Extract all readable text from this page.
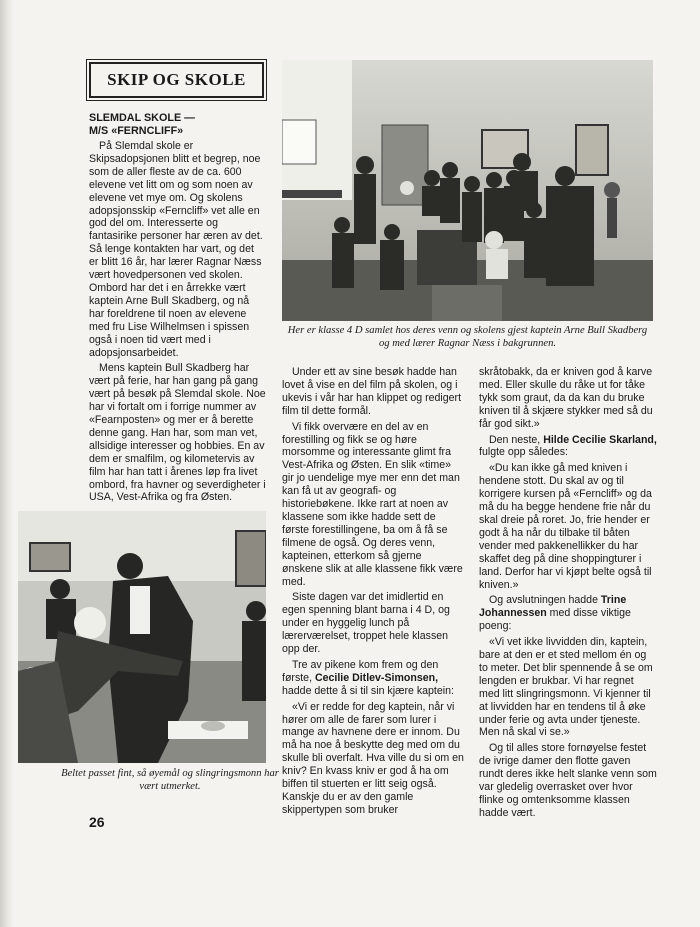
SKIP OG SKOLE
SLEMDAL SKOLE —
M/S «FERNCLIFF»

På Slemdal skole er Skipsadopsjonen blitt et begrep, noe som de aller fleste av de ca. 600 elevene vet litt om og som noen av elevene vet mye om. Og skolens adopsjonsskip «Ferncliff» vet alle en god del om. Interesserte og fantasirike personer har æren av det. Så lenge kontakten har vart, og det er blitt 16 år, har lærer Ragnar Næss vært hovedpersonen ved skolen. Ombord har det i en årrekke vært kaptein Arne Bull Skadberg, og nå har foreldrene til noen av elevene med fru Lise Wilhelmsen i spissen også i noen tid vært med i adopsjonsarbeidet.

Mens kaptein Bull Skadberg har vært på ferie, har han gang på gang vært på besøk på Slemdal skole. Noe har vi fortalt om i forrige nummer av «Fearnposten» og mer er å berette denne gang. Han har, som man vet, allsidige interesser og hobbies. En av dem er smalfilm, og kilometervis av film har han tatt i årenes løp fra livet ombord, fra havner og severdigheter i USA, Vest-Afrika og fra Østen.

Her er klasse 4 D samlet hos deres venn og skolens gjest kaptein Arne Bull Skadberg og med lærer Ragnar Næss i bakgrunnen.

Under ett av sine besøk hadde han lovet å vise en del film på skolen, og i ukevis i vår har han klippet og redigert film til dette formål.

Vi fikk overvære en del av en forestilling og fikk se og høre morsomme og interessante glimt fra Vest-Afrika og Østen. En slik «time» gir jo uendelige mye mer enn det man kan få ut av geografi- og historiebøkene. Ikke rart at noen av klassene som ikke hadde sett de første forestillingene, ba om å få se filmene de også. Og deres venn, kapteinen, etterkom så gjerne ønskene slik at alle klassene fikk være med.

Siste dagen var det imidlertid en egen spenning blant barna i 4 D, og under en hyggelig lunch på lærerværelset, troppet hele klassen opp der.

Tre av pikene kom frem og den første, Cecilie Ditlev-Simonsen, hadde dette å si til sin kjære kaptein:

«Vi er redde for deg kaptein, når vi hører om alle de farer som lurer i mange av havnene dere er innom. Du må ha noe å beskytte deg med om du skulle bli overfalt. Hva ville du si om en kniv? En kvass kniv er god å ha om biffen til stuerten er litt seig også. Kanskje du er av den gamle skippertypen som bruker

skråtobakk, da er kniven god å karve med. Eller skulle du råke ut for tåke tykk som graut, da da kan du bruke kniven til å skjære stykker med så du får god sikt.»

Den neste, Hilde Cecilie Skarland, fulgte opp således:

«Du kan ikke gå med kniven i hendene stott. Du skal av og til korrigere kursen på «Ferncliff» og da må du ha begge hendene frie når du skal dreie på roret. Jo, frie hender er godt å ha når du tilbake til båten vender med pakkenellikker du har skaffet deg på dine shoppingturer i land. Derfor har vi kjøpt belte også til kniven.»

Og avslutningen hadde Trine Johannessen med disse viktige poeng:

«Vi vet ikke livvidden din, kaptein, bare at den er et sted mellom én og to meter. Det blir spennende å se om lengden er brukbar. Vi har regnet med litt slingringsmonn. Vi kjenner til at livvidden har en tendens til å øke under ferie og avta under tjeneste. Men nå skal vi se.»

Og til alles store fornøyelse festet de ivrige damer den flotte gaven rundt deres ikke helt slanke venn som var gledelig overrasket over hvor flinke og omtenksomme klassen hadde vært.

Beltet passet fint, så øyemål og slingringsmonn har vært utmerket.
26
